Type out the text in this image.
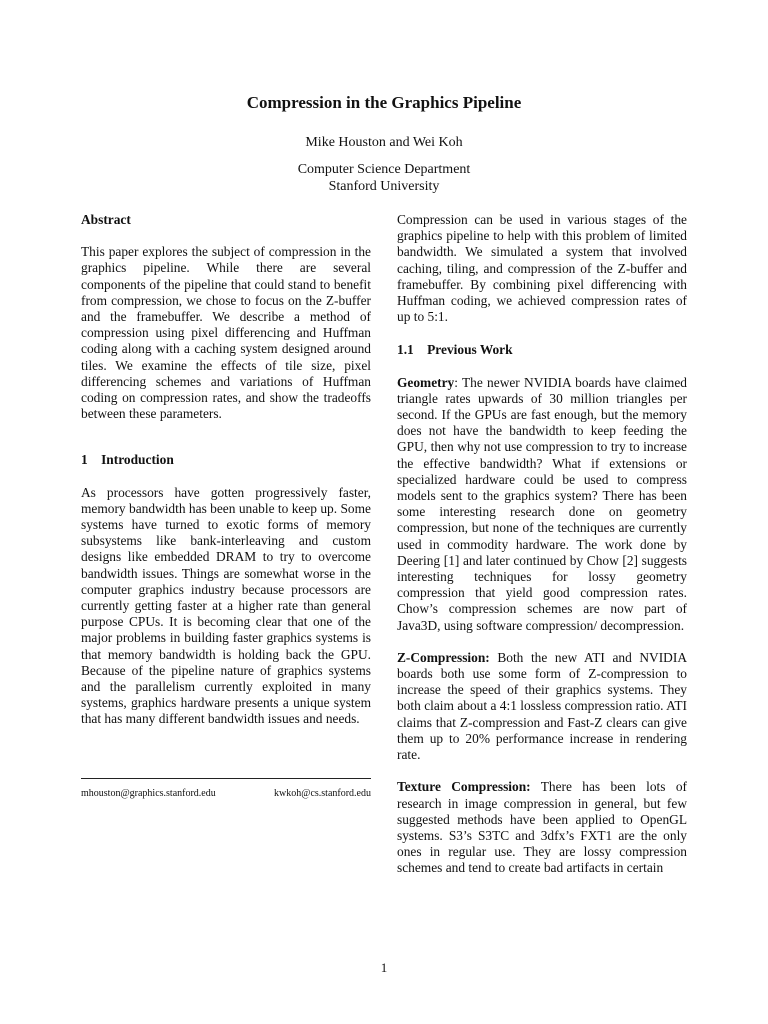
Compression in the Graphics Pipeline
Mike Houston and Wei Koh
Computer Science Department
Stanford University

Abstract

This paper explores the subject of compression in the graphics pipeline. While there are several components of the pipeline that could stand to benefit from compression, we chose to focus on the Z-buffer and the framebuffer. We describe a method of compression using pixel differencing and Huffman coding along with a caching system designed around tiles. We examine the effects of tile size, pixel differencing schemes and variations of Huffman coding on compression rates, and show the tradeoffs between these parameters.

1    Introduction

As processors have gotten progressively faster, memory bandwidth has been unable to keep up. Some systems have turned to exotic forms of memory subsystems like bank-interleaving and custom designs like embedded DRAM to try to overcome bandwidth issues. Things are somewhat worse in the computer graphics industry because processors are currently getting faster at a higher rate than general purpose CPUs. It is becoming clear that one of the major problems in building faster graphics systems is that memory bandwidth is holding back the GPU. Because of the pipeline nature of graphics systems and the parallelism currently exploited in many systems, graphics hardware presents a unique system that has many different bandwidth issues and needs.

mhouston@graphics.stanford.edu	kwkoh@cs.stanford.edu

Compression can be used in various stages of the graphics pipeline to help with this problem of limited bandwidth. We simulated a system that involved caching, tiling, and compression of the Z-buffer and framebuffer. By combining pixel differencing with Huffman coding, we achieved compression rates of up to 5:1.

1.1    Previous Work

Geometry: The newer NVIDIA boards have claimed triangle rates upwards of 30 million triangles per second. If the GPUs are fast enough, but the memory does not have the bandwidth to keep feeding the GPU, then why not use compression to try to increase the effective bandwidth? What if extensions or specialized hardware could be used to compress models sent to the graphics system? There has been some interesting research done on geometry compression, but none of the techniques are currently used in commodity hardware. The work done by Deering [1] and later continued by Chow [2] suggests interesting techniques for lossy geometry compression that yield good compression rates. Chow’s compression schemes are now part of Java3D, using software compression/ decompression.

Z-Compression: Both the new ATI and NVIDIA boards both use some form of Z-compression to increase the speed of their graphics systems. They both claim about a 4:1 lossless compression ratio. ATI claims that Z-compression and Fast-Z clears can give them up to 20% performance increase in rendering rate.

Texture Compression: There has been lots of research in image compression in general, but few suggested methods have been applied to OpenGL systems. S3’s S3TC and 3dfx’s FXT1 are the only ones in regular use. They are lossy compression schemes and tend to create bad artifacts in certain

1
